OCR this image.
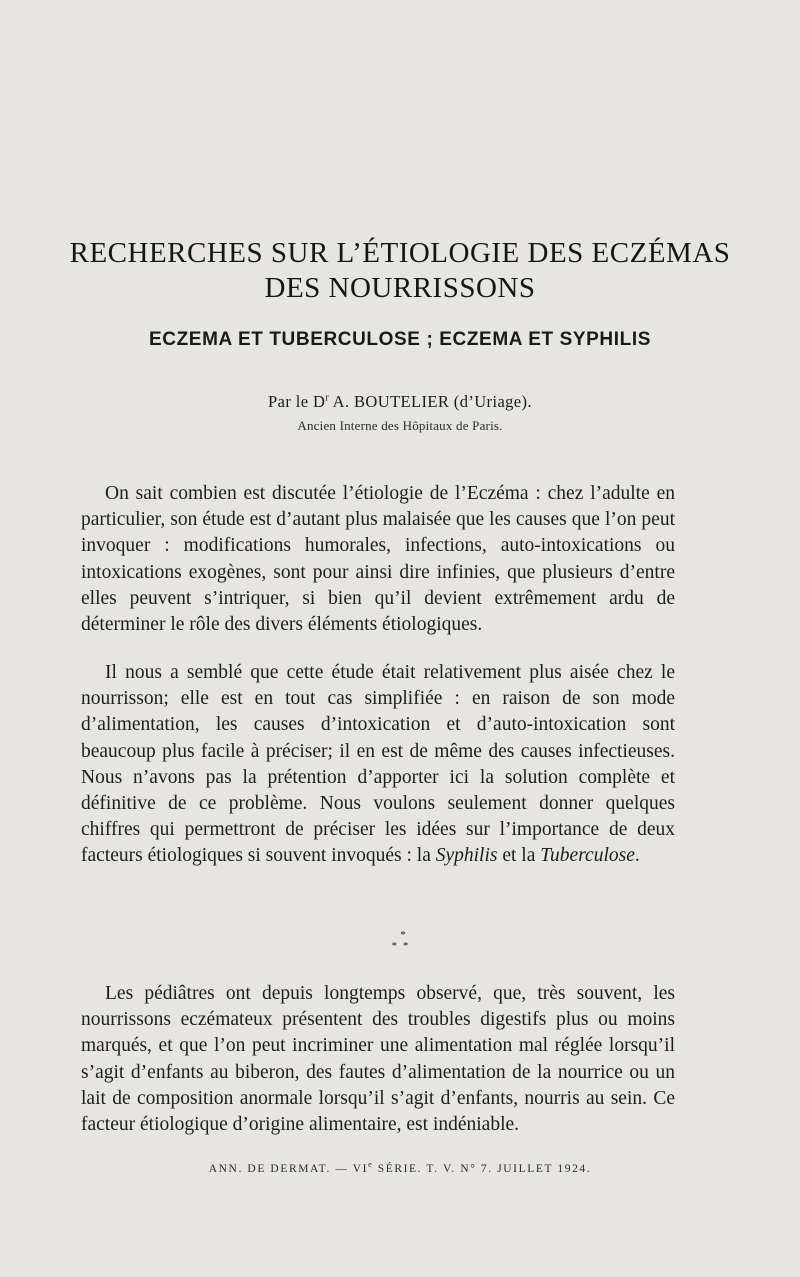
RECHERCHES SUR L’ÉTIOLOGIE DES ECZÉMAS
DES NOURRISSONS
ECZEMA ET TUBERCULOSE ; ECZEMA ET SYPHILIS
Par le $D^r$ A. BOUTELIER (d’Uriage).
Ancien Interne des Hôpitaux de Paris.
On sait combien est discutée l’étiologie de l’Eczéma : chez l’adulte en particulier, son étude est d’autant plus malaisée que les causes que l’on peut invoquer : modifications humorales, infections, auto-intoxications ou intoxications exogènes, sont pour ainsi dire infinies, que plusieurs d’entre elles peuvent s’intriquer, si bien qu’il devient extrêmement ardu de déterminer le rôle des divers éléments étiologiques.
Il nous a semblé que cette étude était relativement plus aisée chez le nourrisson; elle est en tout cas simplifiée : en raison de son mode d’alimentation, les causes d’intoxication et d’auto-intoxication sont beaucoup plus facile à préciser; il en est de même des causes infectieuses. Nous n’avons pas la prétention d’apporter ici la solution complète et définitive de ce problème. Nous voulons seulement donner quelques chiffres qui permettront de préciser les idées sur l’importance de deux facteurs étiologiques si souvent invoqués : la Syphilis et la Tuberculose.
*
**
Les pédiâtres ont depuis longtemps observé, que, très souvent, les nourrissons eczémateux présentent des troubles digestifs plus ou moins marqués, et que l’on peut incriminer une alimentation mal réglée lorsqu’il s’agit d’enfants au biberon, des fautes d’alimentation de la nourrice ou un lait de composition anormale lorsqu’il s’agit d’enfants, nourris au sein. Ce facteur étiologique d’origine alimentaire, est indéniable.
ANN. DE DERMAT. — VIe SÉRIE. T. V. N° 7. JUILLET 1924.
